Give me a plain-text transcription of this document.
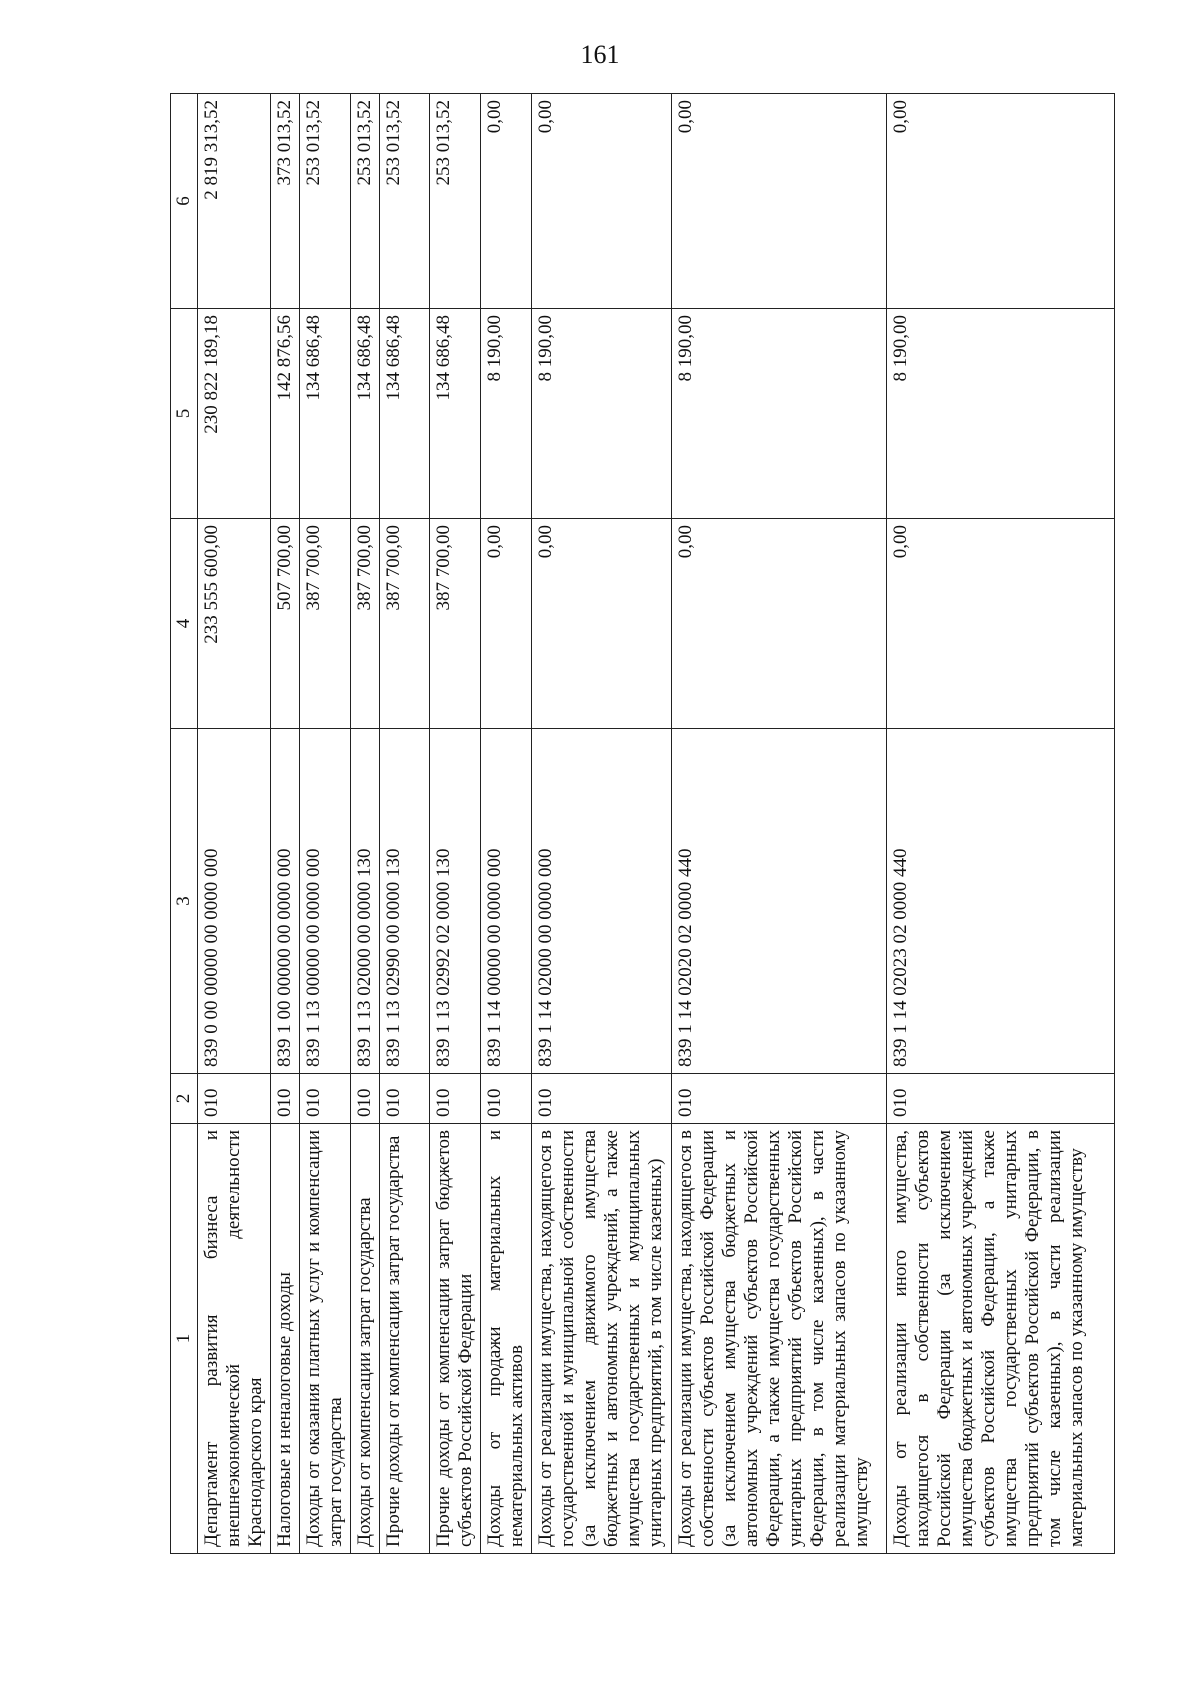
161
1	2	3	4	5	6
Департамент развития бизнеса и внешнеэкономической деятельности Краснодарского края	010	839 0 00 00000 00 0000 000	233 555 600,00	230 822 189,18	2 819 313,52
Налоговые и неналоговые доходы	010	839 1 00 00000 00 0000 000	507 700,00	142 876,56	373 013,52
Доходы от оказания платных услуг и компенсации затрат государства	010	839 1 13 00000 00 0000 000	387 700,00	134 686,48	253 013,52
Доходы от компенсации затрат государства	010	839 1 13 02000 00 0000 130	387 700,00	134 686,48	253 013,52
Прочие доходы от компенсации затрат государства	010	839 1 13 02990 00 0000 130	387 700,00	134 686,48	253 013,52
Прочие доходы от компенсации затрат бюджетов субъектов Российской Федерации	010	839 1 13 02992 02 0000 130	387 700,00	134 686,48	253 013,52
Доходы от продажи материальных и нематериальных активов	010	839 1 14 00000 00 0000 000	0,00	8 190,00	0,00
Доходы от реализации имущества, находящегося в государственной и муниципальной собственности (за исключением движимого имущества бюджетных и автономных учреждений, а также имущества государственных и муниципальных унитарных предприятий, в том числе казенных)	010	839 1 14 02000 00 0000 000	0,00	8 190,00	0,00
Доходы от реализации имущества, находящегося в собственности субъектов Российской Федерации (за исключением имущества бюджетных и автономных учреждений субъектов Российской Федерации, а также имущества государственных унитарных предприятий субъектов Российской Федерации, в том числе казенных), в части реализации материальных запасов по указанному имуществу	010	839 1 14 02020 02 0000 440	0,00	8 190,00	0,00
Доходы от реализации иного имущества, находящегося в собственности субъектов Российской Федерации (за исключением имущества бюджетных и автономных учреждений субъектов Российской Федерации, а также имущества государственных унитарных предприятий субъектов Российской Федерации, в том числе казенных), в части реализации материальных запасов по указанному имуществу	010	839 1 14 02023 02 0000 440	0,00	8 190,00	0,00
